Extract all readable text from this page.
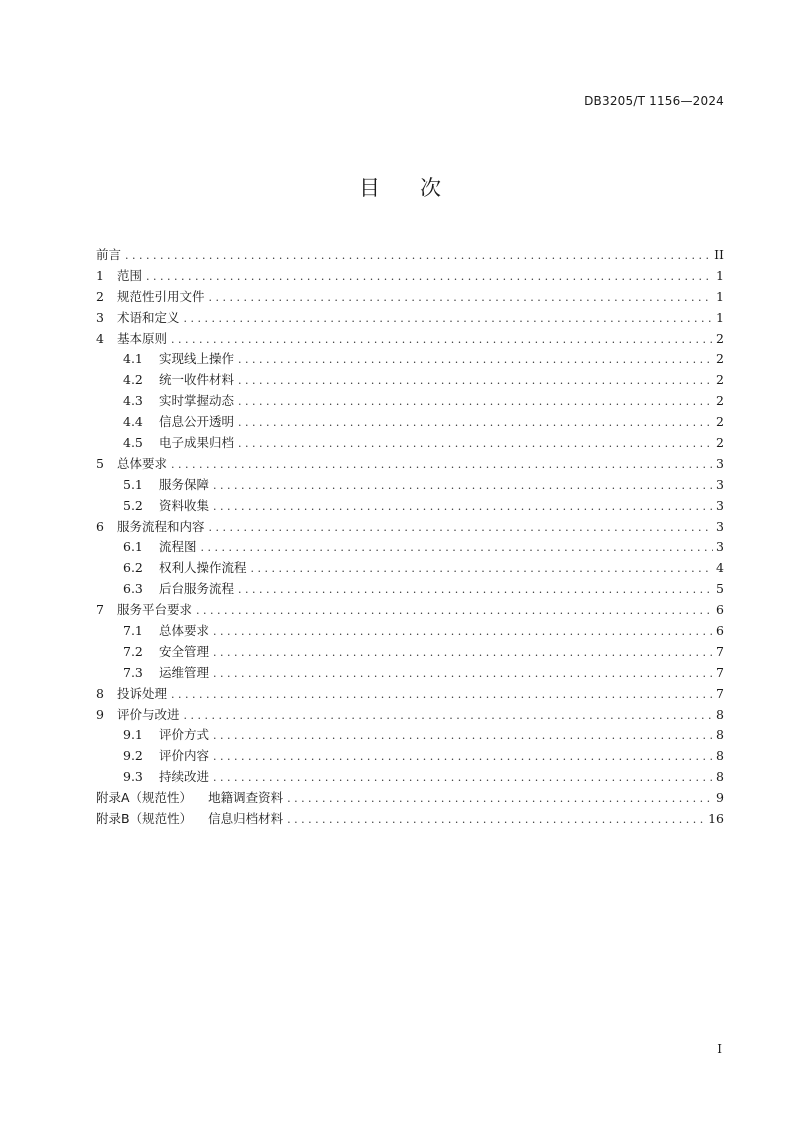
DB3205/T 1156—2024
目 次
前言 . . .	II
1 范围 . . .	1
2 规范性引用文件 . . .	1
3 术语和定义 . . .	1
4 基本原则 . . .	2
4.1	实现线上操作 . . .	2
4.2	统一收件材料 . . .	2
4.3	实时掌握动态 . . .	2
4.4	信息公开透明 . . .	2
4.5	电子成果归档 . . .	2
5 总体要求 . . .	3
5.1	服务保障 . . .	3
5.2	资料收集 . . .	3
6 服务流程和内容 . . .	3
6.1	流程图 . . .	3
6.2	权利人操作流程 . . .	4
6.3	后台服务流程 . . .	5
7 服务平台要求 . . .	6
7.1	总体要求 . . .	6
7.2	安全管理 . . .	7
7.3	运维管理 . . .	7
8 投诉处理 . . .	7
9 评价与改进 . . .	8
9.1	评价方式 . . .	8
9.2	评价内容 . . .	8
9.3	持续改进 . . .	8
附录A（规范性） 地籍调查资料 . . .	9
附录B（规范性） 信息归档材料 . . .	16
I
